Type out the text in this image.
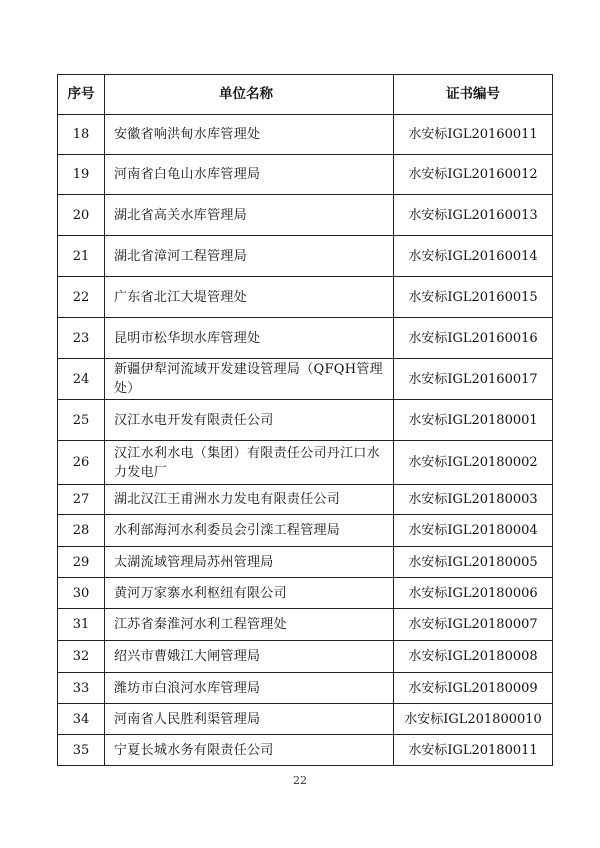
序号	单位名称	证书编号
18	安徽省响洪甸水库管理处	水安标ⅠGL20160011
19	河南省白龟山水库管理局	水安标ⅠGL20160012
20	湖北省高关水库管理局	水安标ⅠGL20160013
21	湖北省漳河工程管理局	水安标ⅠGL20160014
22	广东省北江大堤管理处	水安标ⅠGL20160015
23	昆明市松华坝水库管理处	水安标ⅠGL20160016
24	新疆伊犁河流域开发建设管理局（QFQH管理处）	水安标ⅠGL20160017
25	汉江水电开发有限责任公司	水安标ⅠGL20180001
26	汉江水利水电（集团）有限责任公司丹江口水力发电厂	水安标ⅠGL20180002
27	湖北汉江王甫洲水力发电有限责任公司	水安标ⅠGL20180003
28	水利部海河水利委员会引滦工程管理局	水安标ⅠGL20180004
29	太湖流域管理局苏州管理局	水安标ⅠGL20180005
30	黄河万家寨水利枢纽有限公司	水安标ⅠGL20180006
31	江苏省秦淮河水利工程管理处	水安标ⅠGL20180007
32	绍兴市曹娥江大闸管理局	水安标ⅠGL20180008
33	潍坊市白浪河水库管理局	水安标ⅠGL20180009
34	河南省人民胜利渠管理局	水安标ⅠGL201800010
35	宁夏长城水务有限责任公司	水安标ⅠGL20180011
22
